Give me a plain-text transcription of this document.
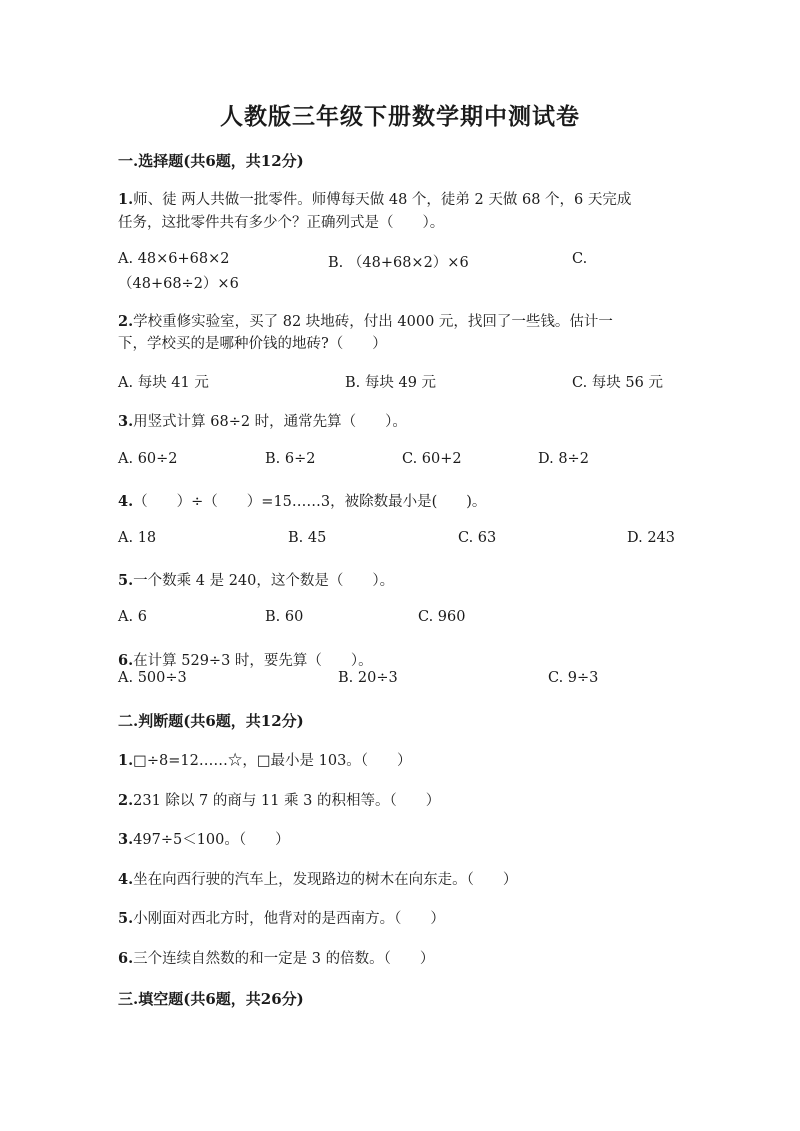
人教版三年级下册数学期中测试卷
一.选择题(共6题，共12分)
1.师、徒 两人共做一批零件。师傅每天做 48 个，徒弟 2 天做 68 个，6 天完成
任务，这批零件共有多少个？正确列式是（　　）。
A. 48×6+68×2	B. （48+68×2）×6	C.
（48+68÷2）×6
2.学校重修实验室，买了 82 块地砖，付出 4000 元，找回了一些钱。估计一
下，学校买的是哪种价钱的地砖?（　　）
A. 每块 41 元	B. 每块 49 元	C. 每块 56 元
3.用竖式计算 68÷2 时，通常先算（　　）。
A. 60÷2	B. 6÷2	C. 60+2	D. 8÷2
4.（　　）÷（　　）=15……3，被除数最小是(　　)。
A. 18	B. 45	C. 63	D. 243
5.一个数乘 4 是 240，这个数是（　　）。
A. 6	B. 60	C. 960
6.在计算 529÷3 时，要先算（　　）。
A. 500÷3	B. 20÷3	C. 9÷3
二.判断题(共6题，共12分)
1.□÷8=12……☆，□最小是 103。（　　）
2.231 除以 7 的商与 11 乘 3 的积相等。（　　）
3.497÷5＜100。（　　）
4.坐在向西行驶的汽车上，发现路边的树木在向东走。（　　）
5.小刚面对西北方时，他背对的是西南方。（　　）
6.三个连续自然数的和一定是 3 的倍数。（　　）
三.填空题(共6题，共26分)
